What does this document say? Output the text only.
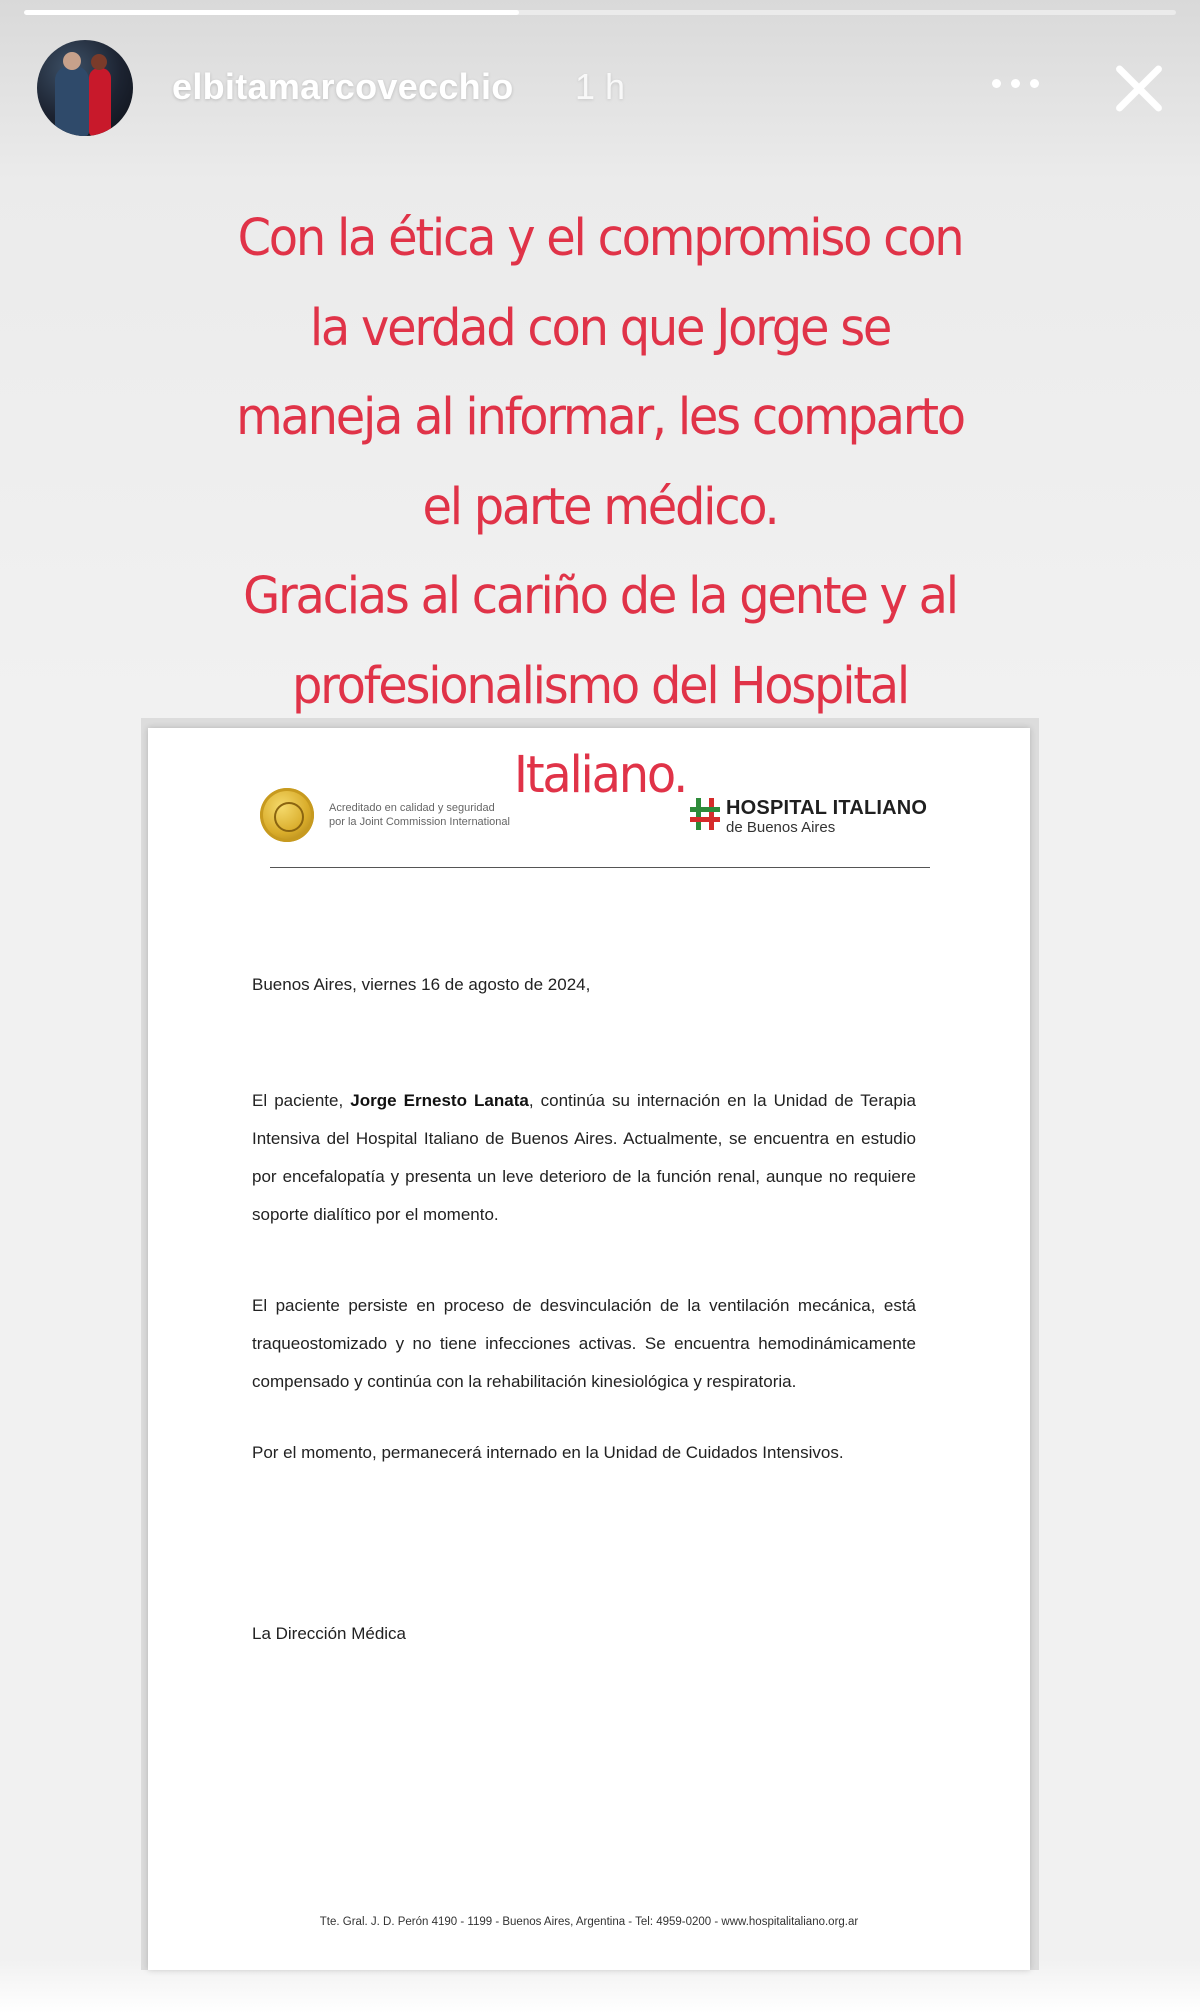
elbitamarcovecchio 1 h
Acreditado en calidad y seguridad
por la Joint Commission International
HOSPITAL ITALIANO
de Buenos Aires
Buenos Aires, viernes 16 de agosto de 2024,
El paciente, Jorge Ernesto Lanata, continúa su internación en la Unidad de Terapia Intensiva del Hospital Italiano de Buenos Aires. Actualmente, se encuentra en estudio por encefalopatía y presenta un leve deterioro de la función renal, aunque no requiere soporte dialítico por el momento.
El paciente persiste en proceso de desvinculación de la ventilación mecánica, está traqueostomizado y no tiene infecciones activas. Se encuentra hemodinámicamente compensado y continúa con la rehabilitación kinesiológica y respiratoria.
Por el momento, permanecerá internado en la Unidad de Cuidados Intensivos.
La Dirección Médica
Tte. Gral. J. D. Perón 4190 - 1199 - Buenos Aires, Argentina - Tel: 4959-0200 - www.hospitalitaliano.org.ar
Con la ética y el compromiso con
la verdad con que Jorge se
maneja al informar, les comparto
el parte médico.
Gracias al cariño de la gente y al
profesionalismo del Hospital
Italiano.
